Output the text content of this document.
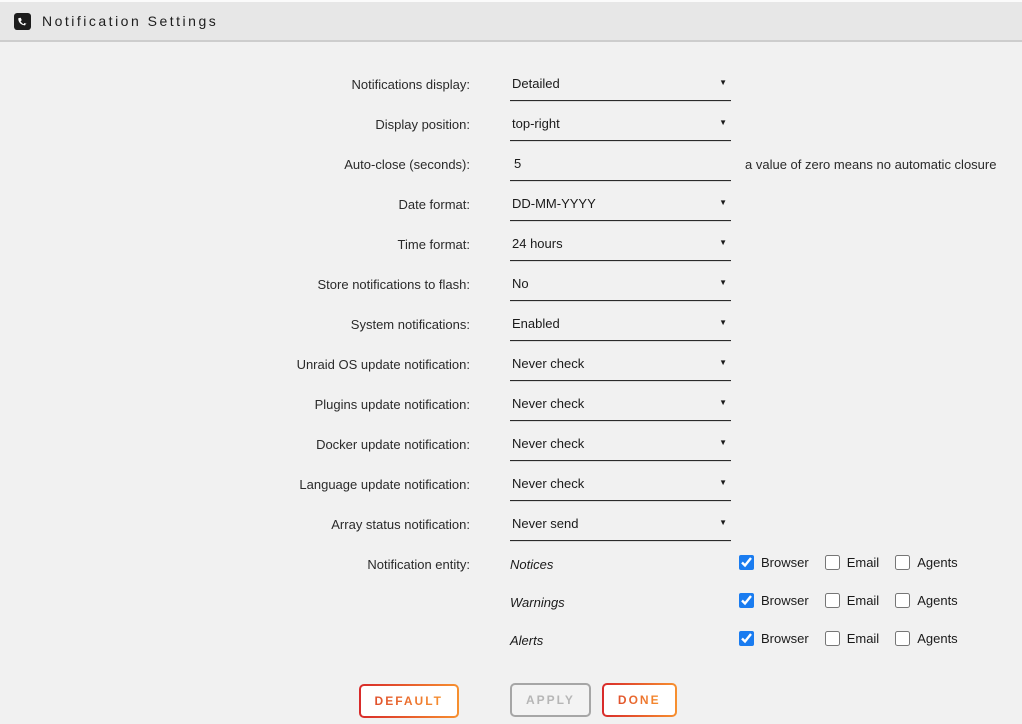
Notification Settings
Notifications display:
Detailed	▼
Display position:
top-right	▼
Auto-close (seconds):
5	a value of zero means no automatic closure
Date format:
DD-MM-YYYY	▼
Time format:
24 hours	▼
Store notifications to flash:
No	▼
System notifications:
Enabled	▼
Unraid OS update notification:
Never check	▼
Plugins update notification:
Never check	▼
Docker update notification:
Never check	▼
Language update notification:
Never check	▼
Array status notification:
Never send	▼
Notification entity:	Notices	Browser	Email	Agents
Warnings	Browser	Email	Agents
Alerts	Browser	Email	Agents
DEFAULT	APPLY	DONE
